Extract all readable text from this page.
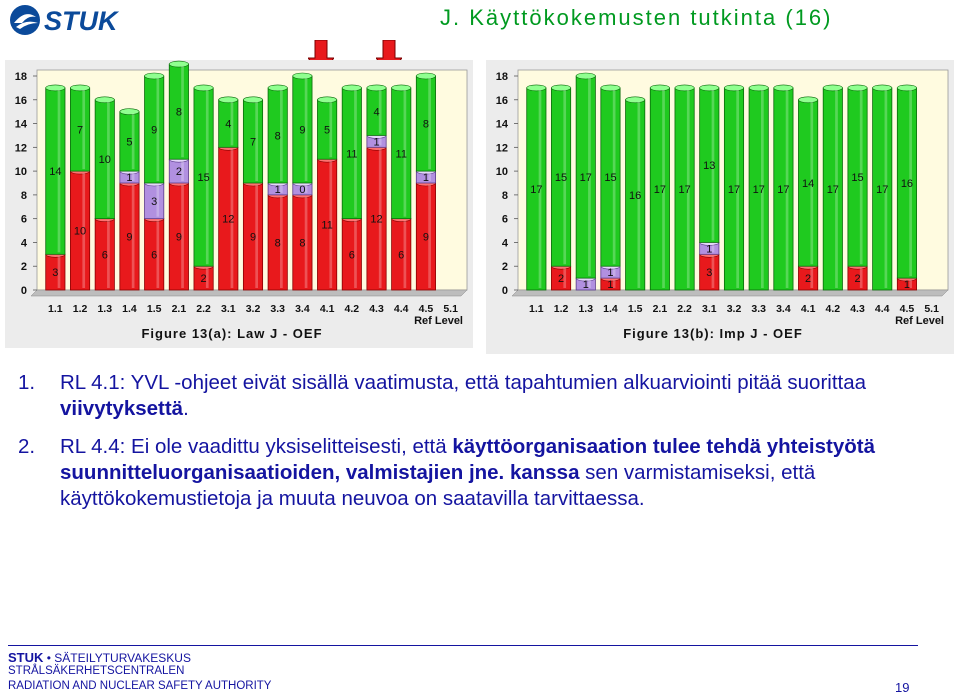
STUK	J. Käyttökokemusten tutkinta (16)
0
2
4
6
8
10
12
14
16
18
3
14
1.1
10
7
1.2
6
10
1.3
9
1
5
1.4
6
3
9
1.5
9
2
8
2.1
2
15
2.2
12
4
3.1
9
7
3.2
8
1
8
3.3
8
0
9
3.4
11
5
4.1
6
11
4.2
12
1
4
4.3
6
11
4.4
9
1
8
4.5 5.1
Figure 13(a): Law J - OEF
Ref Level
0
2
4
6
8
10
12
14
16
18
17
1.1
2
15
1.2
1
17
1.3
1
1
15
1.4
16
1.5
17
2.1
17
2.2
3
1
13
3.1
17
3.2
17
3.3
17
3.4
2
14
4.1
17
4.2
2
15
4.3
17
4.4
1
16
4.5 5.1
Figure 13(b): Imp J - OEF
Ref Level

1. RL 4.1: YVL -ohjeet eivät sisällä vaatimusta, että tapahtumien alkuarviointi pitää suorittaa viivytyksettä.

2. RL 4.4: Ei ole vaadittu yksiselitteisesti, että käyttöorganisaation tulee tehdä yhteistyötä suunnitteluorganisaatioiden, valmistajien jne. kanssa sen varmistamiseksi, että käyttökokemustietoja ja muuta neuvoa on saatavilla tarvittaessa.

STUK • SÄTEILYTURVAKESKUS
STRÅLSÄKERHETSCENTRALEN
RADIATION AND NUCLEAR SAFETY AUTHORITY	19
